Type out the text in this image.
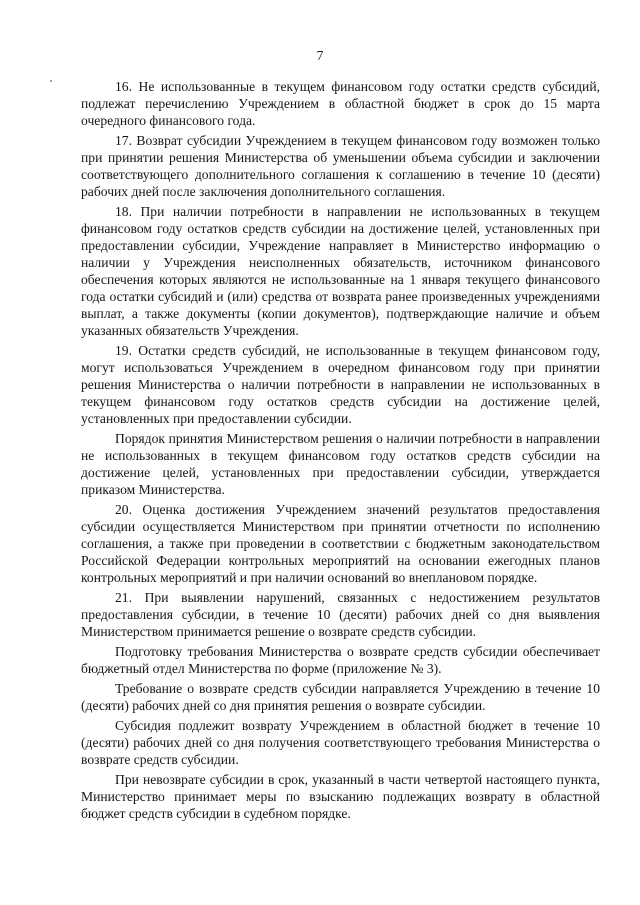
7

16. Не использованные в текущем финансовом году остатки средств субсидий, подлежат перечислению Учреждением в областной бюджет в срок до 15 марта очередного финансового года.

17. Возврат субсидии Учреждением в текущем финансовом году возможен только при принятии решения Министерства об уменьшении объема субсидии и заключении соответствующего дополнительного соглашения к соглашению в течение 10 (десяти) рабочих дней после заключения дополнительного соглашения.

18. При наличии потребности в направлении не использованных в текущем финансовом году остатков средств субсидии на достижение целей, установленных при предоставлении субсидии, Учреждение направляет в Министерство информацию о наличии у Учреждения неисполненных обязательств, источником финансового обеспечения которых являются не использованные на 1 января текущего финансового года остатки субсидий и (или) средства от возврата ранее произведенных учреждениями выплат, а также документы (копии документов), подтверждающие наличие и объем указанных обязательств Учреждения.

19. Остатки средств субсидий, не использованные в текущем финансовом году, могут использоваться Учреждением в очередном финансовом году при принятии решения Министерства о наличии потребности в направлении не использованных в текущем финансовом году остатков средств субсидии на достижение целей, установленных при предоставлении субсидии.

Порядок принятия Министерством решения о наличии потребности в направлении не использованных в текущем финансовом году остатков средств субсидии на достижение целей, установленных при предоставлении субсидии, утверждается приказом Министерства.

20. Оценка достижения Учреждением значений результатов предоставления субсидии осуществляется Министерством при принятии отчетности по исполнению соглашения, а также при проведении в соответствии с бюджетным законодательством Российской Федерации контрольных мероприятий на основании ежегодных планов контрольных мероприятий и при наличии оснований во внеплановом порядке.

21. При выявлении нарушений, связанных с недостижением результатов предоставления субсидии, в течение 10 (десяти) рабочих дней со дня выявления Министерством принимается решение о возврате средств субсидии.

Подготовку требования Министерства о возврате средств субсидии обеспечивает бюджетный отдел Министерства по форме (приложение № 3).

Требование о возврате средств субсидии направляется Учреждению в течение 10 (десяти) рабочих дней со дня принятия решения о возврате субсидии.

Субсидия подлежит возврату Учреждением в областной бюджет в течение 10 (десяти) рабочих дней со дня получения соответствующего требования Министерства о возврате средств субсидии.

При невозврате субсидии в срок, указанный в части четвертой настоящего пункта, Министерство принимает меры по взысканию подлежащих возврату в областной бюджет средств субсидии в судебном порядке.
